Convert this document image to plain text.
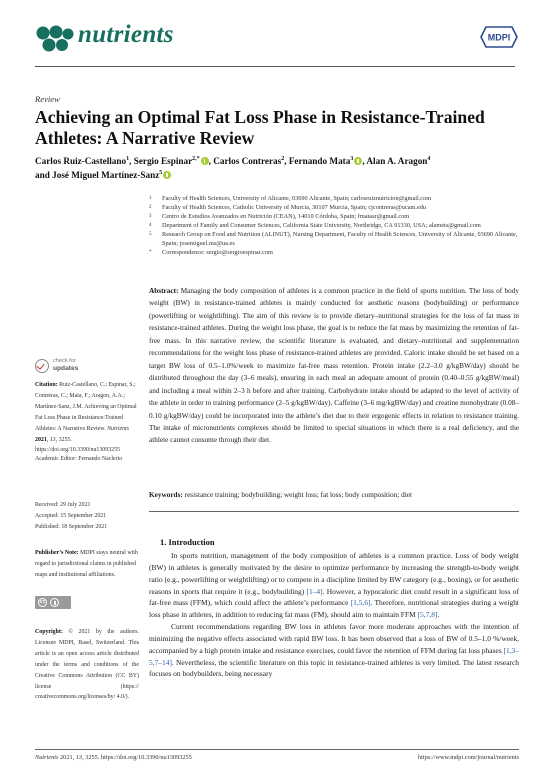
nutrients	MDPI
Review
Achieving an Optimal Fat Loss Phase in Resistance-Trained Athletes: A Narrative Review
Carlos Ruiz-Castellano$^1$, Sergio Espinar$^{2,*}$ , Carlos Contreras$^2$, Fernando Mata$^3$ , Alan A. Aragon$^4$
and José Miguel Martínez-Sanz$^5$
1	Faculty of Health Sciences, University of Alicante, 03690 Alicante, Spain; carlosruiznutricion@gmail.com
2	Faculty of Health Sciences, Catholic University of Murcia, 30107 Murcia, Spain; cjcontreras@ucam.edu
3	Centro de Estudios Avanzados en Nutrición (CEAN), 14010 Córdoba, Spain; fmatasr@gmail.com
4	Department of Family and Consumer Sciences, California State University, Northridge, CA 91330, USA; alamets@gmail.com
5	Research Group on Food and Nutrition (ALINUT), Nursing Department, Faculty of Health Sciences, University of Alicante, 03690 Alicante, Spain; josemiguel.ms@ua.es
*	Correspondence: sergio@sergioespinar.com
Abstract: Managing the body composition of athletes is a common practice in the field of sports nutrition. The loss of body weight (BW) in resistance-trained athletes is mainly conducted for aesthetic reasons (bodybuilding) or performance (powerlifting or weightlifting). The aim of this review is to provide dietary–nutritional strategies for the loss of fat mass in resistance-trained athletes. During the weight loss phase, the goal is to reduce the fat mass by maximizing the retention of fat-free mass. In this narrative review, the scientific literature is evaluated, and dietary–nutritional and supplementation recommendations for the weight loss phase of resistance-trained athletes are provided. Caloric intake should be set based on a target BW loss of 0.5–1.0%/week to maximize fat-free mass retention. Protein intake (2.2–3.0 g/kgBW/day) should be distributed throughout the day (3–6 meals), ensuring in each meal an adequate amount of protein (0.40–0.55 g/kgBW/meal) and including a meal within 2–3 h before and after training. Carbohydrate intake should be adapted to the level of activity of the athlete in order to training performance (2–5 g/kgBW/day). Caffeine (3–6 mg/kgBW/day) and creatine monohydrate (0.08–0.10 g/kgBW/day) could be incorporated into the athlete’s diet due to their ergogenic effects in relation to resistance training. The intake of micronutrients complexes should be limited to special situations in which there is a real deficiency, and the athlete cannot consume through their diet.
Keywords: resistance training; bodybuilding; weight loss; fat loss; body composition; diet
check for
updates
Citation: Ruiz-Castellano, C.; Espinar, S.; Contreras, C.; Mata, F.; Aragon, A.A.; Martínez-Sanz, J.M. Achieving an Optimal Fat Loss Phase in Resistance-Trained Athletes: A Narrative Review. Nutrients 2021, 13, 3255. https://doi.org/10.3390/nu13093255
Academic Editor: Fernando Naclerio
Received: 29 July 2021
Accepted: 15 September 2021
Published: 18 September 2021
Publisher’s Note: MDPI stays neutral with regard to jurisdictional claims in published maps and institutional affiliations.
cc
Copyright: © 2021 by the authors. Licensee MDPI, Basel, Switzerland. This article is an open access article distributed under the terms and conditions of the Creative Commons Attribution (CC BY) license (https:// creativecommons.org/licenses/by/ 4.0/).
1. Introduction

In sports nutrition, management of the body composition of athletes is a common practice. Loss of body weight (BW) in athletes is generally motivated by the desire to optimize performance by increasing the strength-to-body weight ratio (e.g., powerlifting or weightlifting) or to compete in a discipline limited by BW category (e.g., boxing), or for aesthetic reasons in sports that require it (e.g., bodybuilding) [1–4]. However, a hypocaloric diet could result in a significant loss of fat-free mass (FFM), which could affect the athlete’s performance [1,5,6]. Therefore, nutritional strategies during a weight loss phase in athletes, in addition to reducing fat mass (FM), should aim to maintain FFM [5,7,8].

Current recommendations regarding BW loss in athletes favor more moderate approaches with the intention of minimizing the negative effects associated with rapid BW loss. It has been observed that a loss of BW of 0.5–1.0 %/week, accompanied by a high protein intake and resistance exercises, could favor the retention of FFM during fat loss phases [1,3–5,7–14]. Nevertheless, the scientific literature on this topic in resistance-trained athletes is very limited. The latest research focuses on bodybuilders, being necessary

Nutrients 2021, 13, 3255. https://doi.org/10.3390/nu13093255	https://www.mdpi.com/journal/nutrients
